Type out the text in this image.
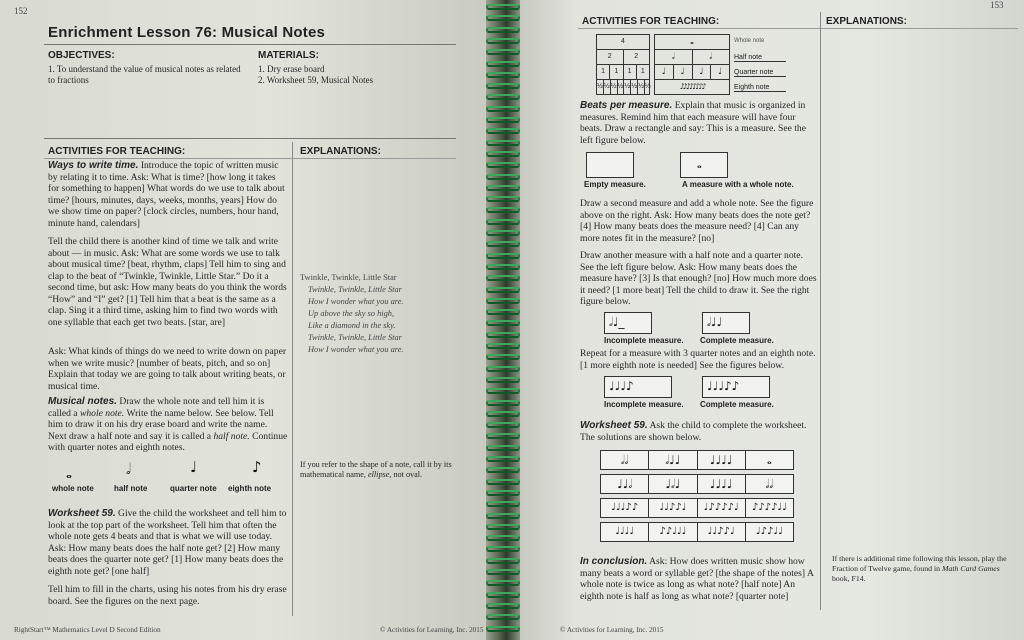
152
Enrichment Lesson 76: Musical Notes
OBJECTIVES:	MATERIALS:
1. To understand the value of musical notes as related to fractions
1. Dry erase board
2. Worksheet 59, Musical Notes
ACTIVITIES FOR TEACHING:	EXPLANATIONS:
Ways to write time. Introduce the topic of written music by relating it to time. Ask: What is time? [how long it takes for something to happen] What words do we use to talk about time? [hours, minutes, days, weeks, months, years] How do we show time on paper? [clock circles, numbers, hour hand, minute hand, calendars]
Tell the child there is another kind of time we talk and write about — in music. Ask: What are some words we use to talk about musical time? [beat, rhythm, claps] Tell him to sing and clap to the beat of “Twinkle, Twinkle, Little Star.” Do it a second time, but ask: How many beats do you think the words “How” and “I” get? [1] Tell him that a beat is the same as a clap. Sing it a third time, asking him to find two words with one syllable that each get two beats. [star, are]
Ask: What kinds of things do we need to write down on paper when we write music? [number of beats, pitch, and so on] Explain that today we are going to talk about writing beats, or musical time.
Musical notes. Draw the whole note and tell him it is called a whole note. Write the name below. See below. Tell him to draw it on his dry erase board and write the name. Next draw a half note and say it is called a half note. Continue with quarter notes and eighth notes.
𝅝	𝅗𝅥	♩	♪
whole note	half note	quarter note eighth note
Worksheet 59. Give the child the worksheet and tell him to look at the top part of the worksheet. Tell him that often the whole note gets 4 beats and that is what we will use today. Ask: How many beats does the half note get? [2] How many beats does the quarter note get? [1] How many beats does the eighth note get? [one half]
Tell him to fill in the charts, using his notes from his dry erase board. See the figures on the next page.
Twinkle, Twinkle, Little Star
Twinkle, Twinkle, Little Star
How I wonder what you are.
Up above the sky so high,
Like a diamond in the sky.
Twinkle, Twinkle, Little Star
How I wonder what you are.
If you refer to the shape of a note, call it by its mathematical name, ellipse, not oval.
RightStart™ Mathematics Level D Second Edition	© Activities for Learning, Inc. 2015
153
ACTIVITIES FOR TEACHING:	EXPLANATIONS:
4
2	2
1	1	1	1
½ ½ ½ ½ ½ ½ ½ ½
𝅝
𝅗𝅥	𝅗𝅥
♩	♩	♩	♩
♪♪♪♪♪♪♪♪
Whole note
Half note
Quarter note
Eighth note
Beats per measure. Explain that music is organized in measures. Remind him that each measure will have four beats. Draw a rectangle and say: This is a measure. See the left figure below.
𝅝
Empty measure.	A measure with a whole note.
Draw a second measure and add a whole note. See the figure above on the right. Ask: How many beats does the note get? [4] How many beats does the measure need? [4] Can any more notes fit in the measure? [no]
Draw another measure with a half note and a quarter note. See the left figure below. Ask: How many beats does the measure have? [3] Is that enough? [no] How much more does it need? [1 more beat] Tell the child to draw it. See the right figure below.
𝅗𝅥♩_	𝅗𝅥♩♩
Incomplete measure. Complete measure.
Repeat for a measure with 3 quarter notes and an eighth note. [1 more eighth note is needed] See the figures below.
♩♩♩♪	♩♩♩♪♪
Incomplete measure. Complete measure.
Worksheet 59. Ask the child to complete the worksheet. The solutions are shown below.
𝅗𝅥𝅗𝅥	𝅗𝅥♩♩	♩♩♩♩	𝅝
♩♩𝅗𝅥	♩𝅗𝅥♩	♩♩♩♩	𝅗𝅥𝅗𝅥
♩♩♩♪♪	♩♩♪♪♩	♩♪♪♪♪♩	♪♪♪♪♩♩
♩♩♩♩	♪♪♩♩♩	♩♩♪♪♩	♩♪♪♩♩
In conclusion. Ask: How does written music show how many beats a word or syllable get? [the shape of the notes] A whole note is twice as long as what note? [half note] An eighth note is half as long as what note? [quarter note]
If there is additional time following this lesson, play the Fraction of Twelve game, found in Math Card Games book, F14.
© Activities for Learning, Inc. 2015
